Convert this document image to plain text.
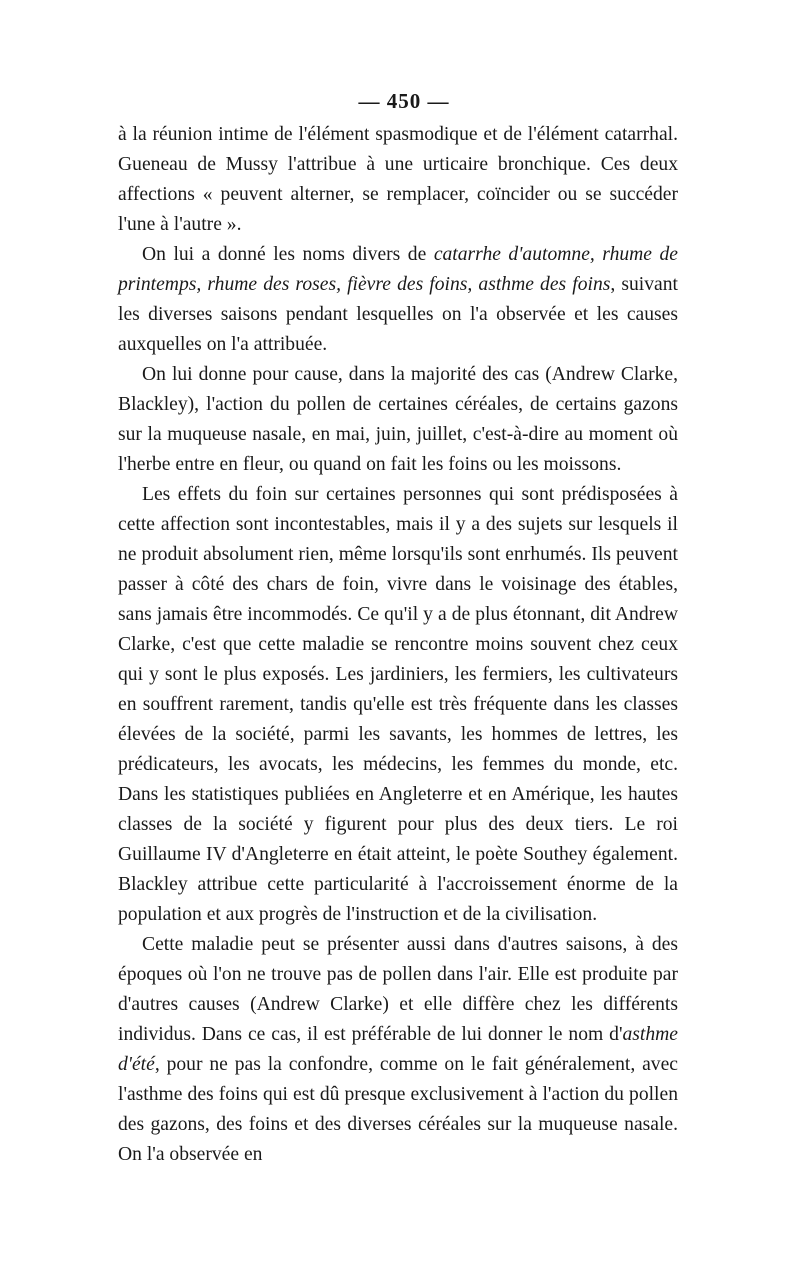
— 450 —

à la réunion intime de l'élément spasmodique et de l'élément catarrhal. Gueneau de Mussy l'attribue à une urticaire bronchique. Ces deux affections « peuvent alterner, se remplacer, coïncider ou se succéder l'une à l'autre ».

On lui a donné les noms divers de catarrhe d'automne, rhume de printemps, rhume des roses, fièvre des foins, asthme des foins, suivant les diverses saisons pendant lesquelles on l'a observée et les causes auxquelles on l'a attribuée.

On lui donne pour cause, dans la majorité des cas (Andrew Clarke, Blackley), l'action du pollen de certaines céréales, de certains gazons sur la muqueuse nasale, en mai, juin, juillet, c'est-à-dire au moment où l'herbe entre en fleur, ou quand on fait les foins ou les moissons.

Les effets du foin sur certaines personnes qui sont prédisposées à cette affection sont incontestables, mais il y a des sujets sur lesquels il ne produit absolument rien, même lorsqu'ils sont enrhumés. Ils peuvent passer à côté des chars de foin, vivre dans le voisinage des étables, sans jamais être incommodés. Ce qu'il y a de plus étonnant, dit Andrew Clarke, c'est que cette maladie se rencontre moins souvent chez ceux qui y sont le plus exposés. Les jardiniers, les fermiers, les cultivateurs en souffrent rarement, tandis qu'elle est très fréquente dans les classes élevées de la société, parmi les savants, les hommes de lettres, les prédicateurs, les avocats, les médecins, les femmes du monde, etc. Dans les statistiques publiées en Angleterre et en Amérique, les hautes classes de la société y figurent pour plus des deux tiers. Le roi Guillaume IV d'Angleterre en était atteint, le poète Southey également. Blackley attribue cette particularité à l'accroissement énorme de la population et aux progrès de l'instruction et de la civilisation.

Cette maladie peut se présenter aussi dans d'autres saisons, à des époques où l'on ne trouve pas de pollen dans l'air. Elle est produite par d'autres causes (Andrew Clarke) et elle diffère chez les différents individus. Dans ce cas, il est préférable de lui donner le nom d'asthme d'été, pour ne pas la confondre, comme on le fait généralement, avec l'asthme des foins qui est dû presque exclusivement à l'action du pollen des gazons, des foins et des diverses céréales sur la muqueuse nasale. On l'a observée en
